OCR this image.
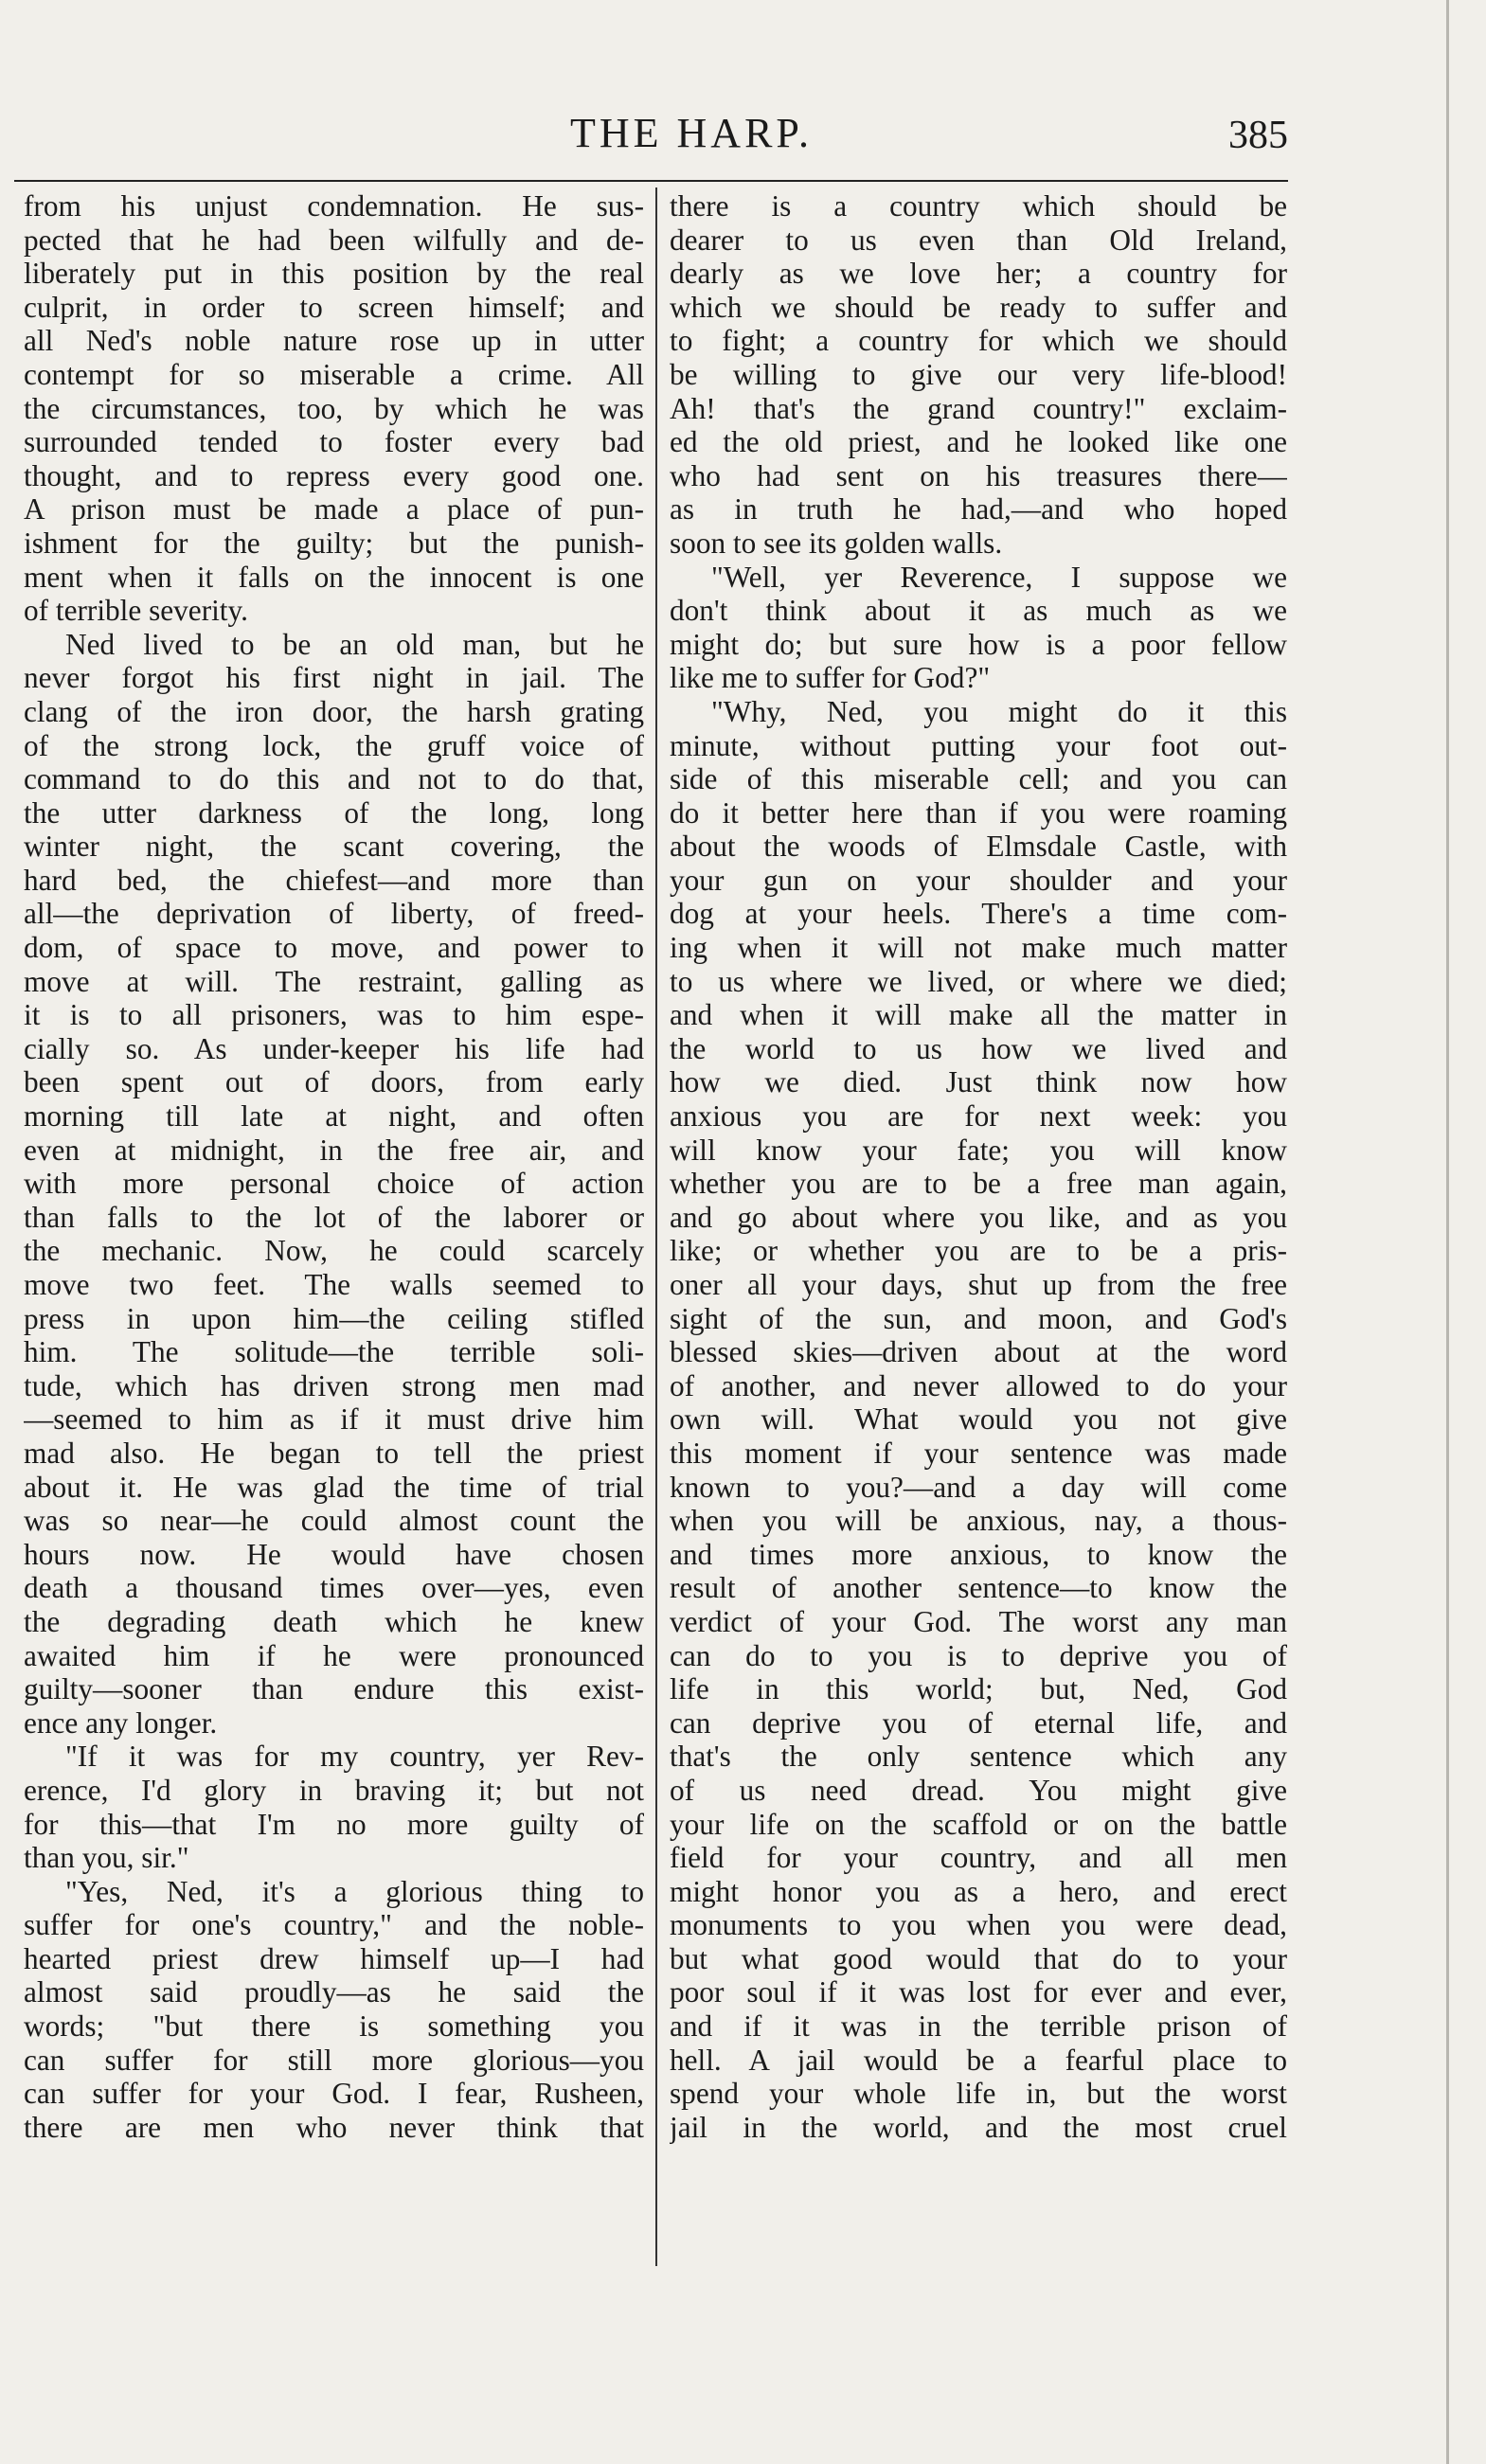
THE HARP.	385
from his unjust condemnation. He sus-
pected that he had been wilfully and de-
liberately put in this position by the real
culprit, in order to screen himself; and
all Ned's noble nature rose up in utter
contempt for so miserable a crime. All
the circumstances, too, by which he was
surrounded tended to foster every bad
thought, and to repress every good one.
A prison must be made a place of pun-
ishment for the guilty; but the punish-
ment when it falls on the innocent is one
of terrible severity.
Ned lived to be an old man, but he
never forgot his first night in jail. The
clang of the iron door, the harsh grating
of the strong lock, the gruff voice of
command to do this and not to do that,
the utter darkness of the long, long
winter night, the scant covering, the
hard bed, the chiefest—and more than
all—the deprivation of liberty, of freed-
dom, of space to move, and power to
move at will. The restraint, galling as
it is to all prisoners, was to him espe-
cially so. As under-keeper his life had
been spent out of doors, from early
morning till late at night, and often
even at midnight, in the free air, and
with more personal choice of action
than falls to the lot of the laborer or
the mechanic. Now, he could scarcely
move two feet. The walls seemed to
press in upon him—the ceiling stifled
him. The solitude—the terrible soli-
tude, which has driven strong men mad
—seemed to him as if it must drive him
mad also. He began to tell the priest
about it. He was glad the time of trial
was so near—he could almost count the
hours now. He would have chosen
death a thousand times over—yes, even
the degrading death which he knew
awaited him if he were pronounced
guilty—sooner than endure this exist-
ence any longer.
"If it was for my country, yer Rev-
erence, I'd glory in braving it; but not
for this—that I'm no more guilty of
than you, sir."
"Yes, Ned, it's a glorious thing to
suffer for one's country," and the noble-
hearted priest drew himself up—I had
almost said proudly—as he said the
words; "but there is something you
can suffer for still more glorious—you
can suffer for your God. I fear, Rusheen,
there are men who never think that
there is a country which should be
dearer to us even than Old Ireland,
dearly as we love her; a country for
which we should be ready to suffer and
to fight; a country for which we should
be willing to give our very life-blood!
Ah! that's the grand country!" exclaim-
ed the old priest, and he looked like one
who had sent on his treasures there—
as in truth he had,—and who hoped
soon to see its golden walls.
"Well, yer Reverence, I suppose we
don't think about it as much as we
might do; but sure how is a poor fellow
like me to suffer for God?"
"Why, Ned, you might do it this
minute, without putting your foot out-
side of this miserable cell; and you can
do it better here than if you were roaming
about the woods of Elmsdale Castle, with
your gun on your shoulder and your
dog at your heels. There's a time com-
ing when it will not make much matter
to us where we lived, or where we died;
and when it will make all the matter in
the world to us how we lived and
how we died. Just think now how
anxious you are for next week: you
will know your fate; you will know
whether you are to be a free man again,
and go about where you like, and as you
like; or whether you are to be a pris-
oner all your days, shut up from the free
sight of the sun, and moon, and God's
blessed skies—driven about at the word
of another, and never allowed to do your
own will. What would you not give
this moment if your sentence was made
known to you?—and a day will come
when you will be anxious, nay, a thous-
and times more anxious, to know the
result of another sentence—to know the
verdict of your God. The worst any man
can do to you is to deprive you of
life in this world; but, Ned, God
can deprive you of eternal life, and
that's the only sentence which any
of us need dread. You might give
your life on the scaffold or on the battle
field for your country, and all men
might honor you as a hero, and erect
monuments to you when you were dead,
but what good would that do to your
poor soul if it was lost for ever and ever,
and if it was in the terrible prison of
hell. A jail would be a fearful place to
spend your whole life in, but the worst
jail in the world, and the most cruel
